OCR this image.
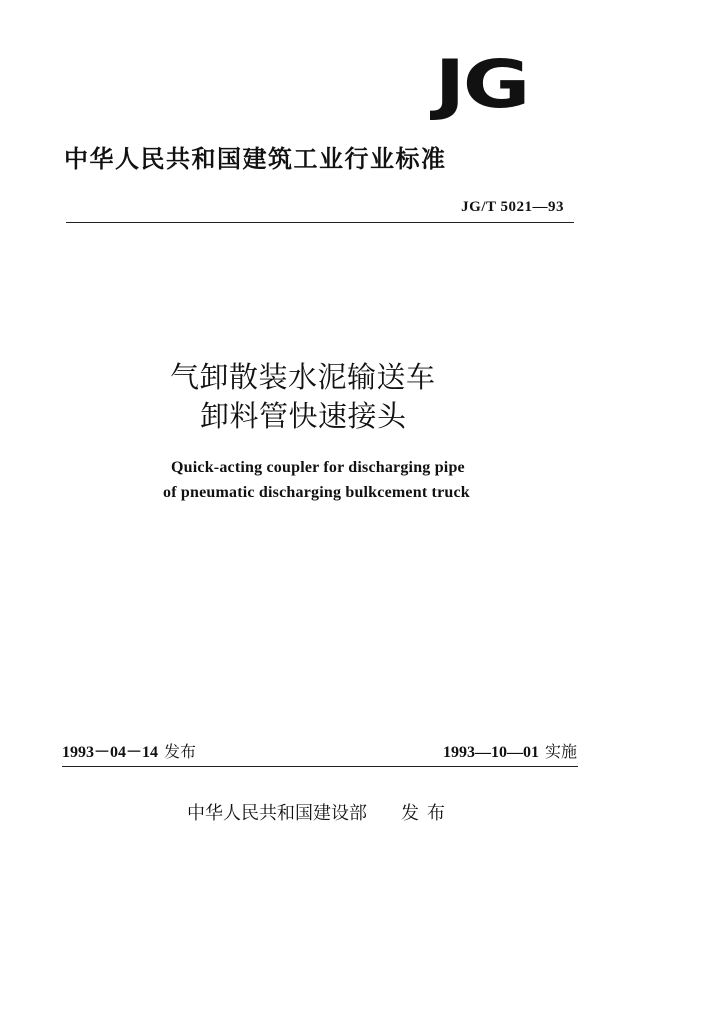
JG
中华人民共和国建筑工业行业标准
JG/T 5021—93
气卸散装水泥输送车
卸料管快速接头
Quick-acting coupler for discharging pipe
of pneumatic discharging bulkcement truck
1993－04－14 发布	1993—10—01 实施
中华人民共和国建设部 发布
